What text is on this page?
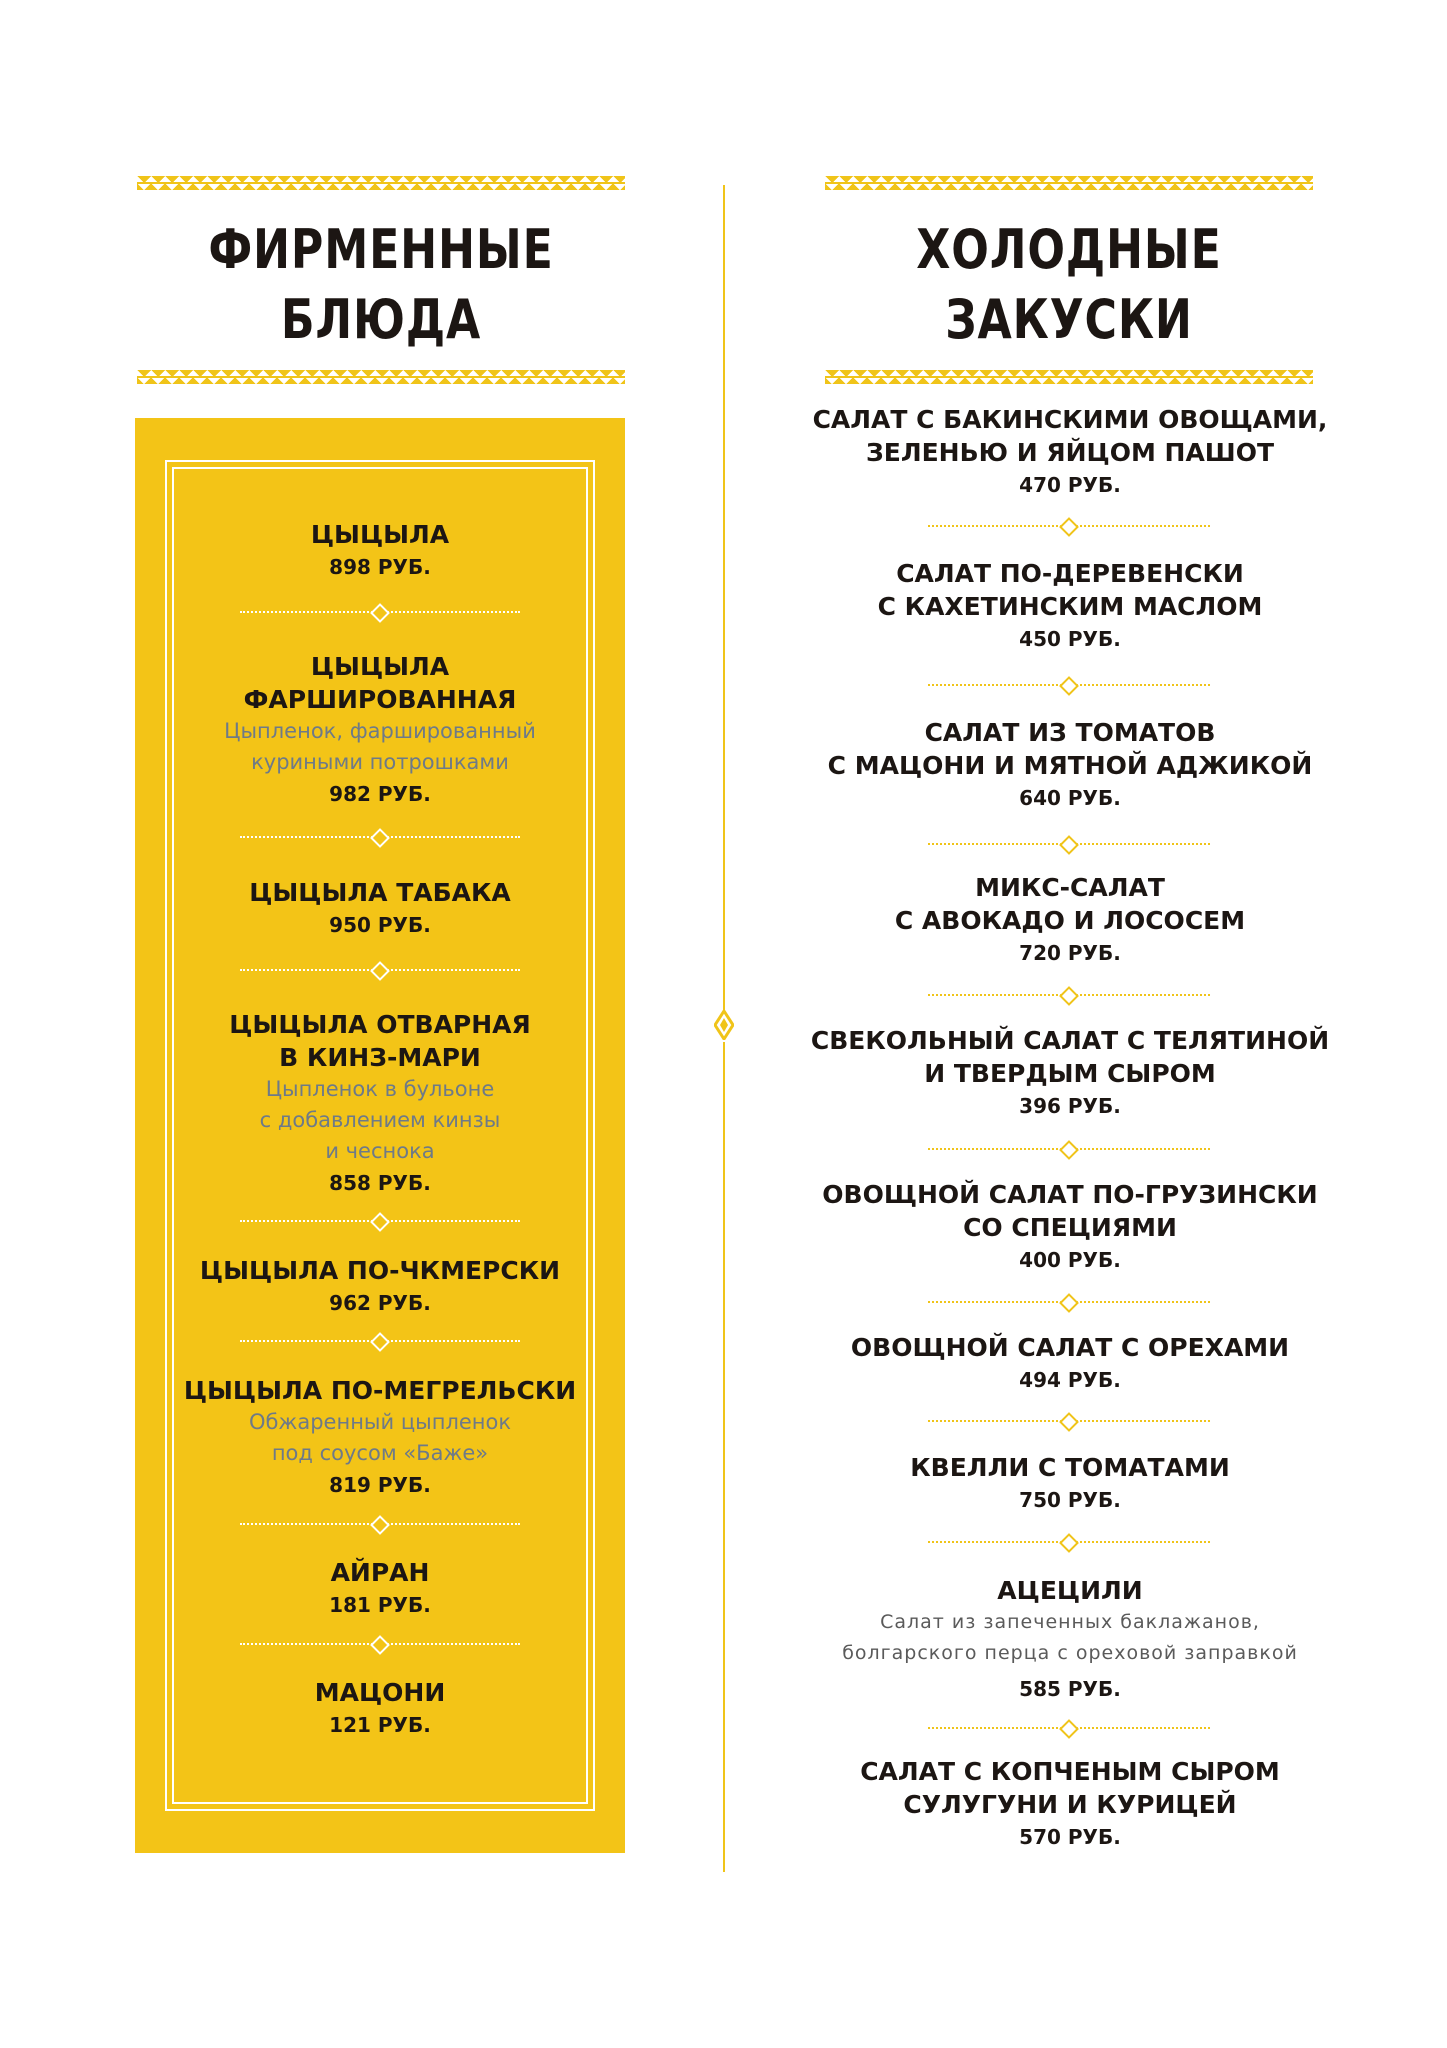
ФИРМЕННЫЕ
БЛЮДА
ЦЫЦЫЛА
898 РУБ.
ЦЫЦЫЛА
ФАРШИРОВАННАЯ
Цыпленок, фаршированный
куриными потрошками
982 РУБ.
ЦЫЦЫЛА ТАБАКА
950 РУБ.
ЦЫЦЫЛА ОТВАРНАЯ
В КИНЗ-МАРИ
Цыпленок в бульоне
с добавлением кинзы
и чеснока
858 РУБ.
ЦЫЦЫЛА ПО-ЧКМЕРСКИ
962 РУБ.
ЦЫЦЫЛА ПО-МЕГРЕЛЬСКИ
Обжаренный цыпленок
под соусом «Баже»
819 РУБ.
АЙРАН
181 РУБ.
МАЦОНИ
121 РУБ.
ХОЛОДНЫЕ
ЗАКУСКИ
САЛАТ С БАКИНСКИМИ ОВОЩАМИ,
ЗЕЛЕНЬЮ И ЯЙЦОМ ПАШОТ
470 РУБ.
САЛАТ ПО-ДЕРЕВЕНСКИ
С КАХЕТИНСКИМ МАСЛОМ
450 РУБ.
САЛАТ ИЗ ТОМАТОВ
С МАЦОНИ И МЯТНОЙ АДЖИКОЙ
640 РУБ.
МИКС-САЛАТ
С АВОКАДО И ЛОСОСЕМ
720 РУБ.
СВЕКОЛЬНЫЙ САЛАТ С ТЕЛЯТИНОЙ
И ТВЕРДЫМ СЫРОМ
396 РУБ.
ОВОЩНОЙ САЛАТ ПО-ГРУЗИНСКИ
СО СПЕЦИЯМИ
400 РУБ.
ОВОЩНОЙ САЛАТ С ОРЕХАМИ
494 РУБ.
КВЕЛЛИ С ТОМАТАМИ
750 РУБ.
АЦЕЦИЛИ
Салат из запеченных баклажанов,
болгарского перца с ореховой заправкой
585 РУБ.
САЛАТ С КОПЧЕНЫМ СЫРОМ
СУЛУГУНИ И КУРИЦЕЙ
570 РУБ.
